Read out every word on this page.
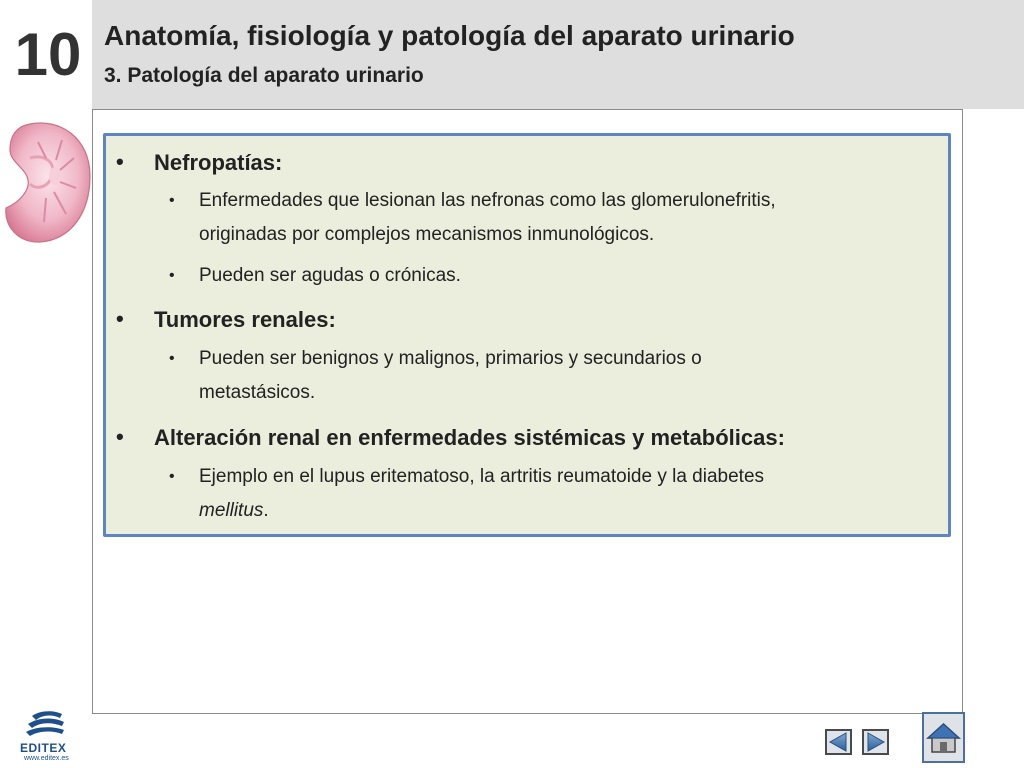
10 Anatomía, fisiología y patología del aparato urinario
3. Patología del aparato urinario
• Nefropatías:
• Enfermedades que lesionan las nefronas como las glomerulonefritis,
originadas por complejos mecanismos inmunológicos.
• Pueden ser agudas o crónicas.
• Tumores renales:
• Pueden ser benignos y malignos, primarios y secundarios o
metastásicos.
• Alteración renal en enfermedades sistémicas y metabólicas:
• Ejemplo en el lupus eritematoso, la artritis reumatoide y la diabetes
mellitus.
EDITEX
www.editex.es
